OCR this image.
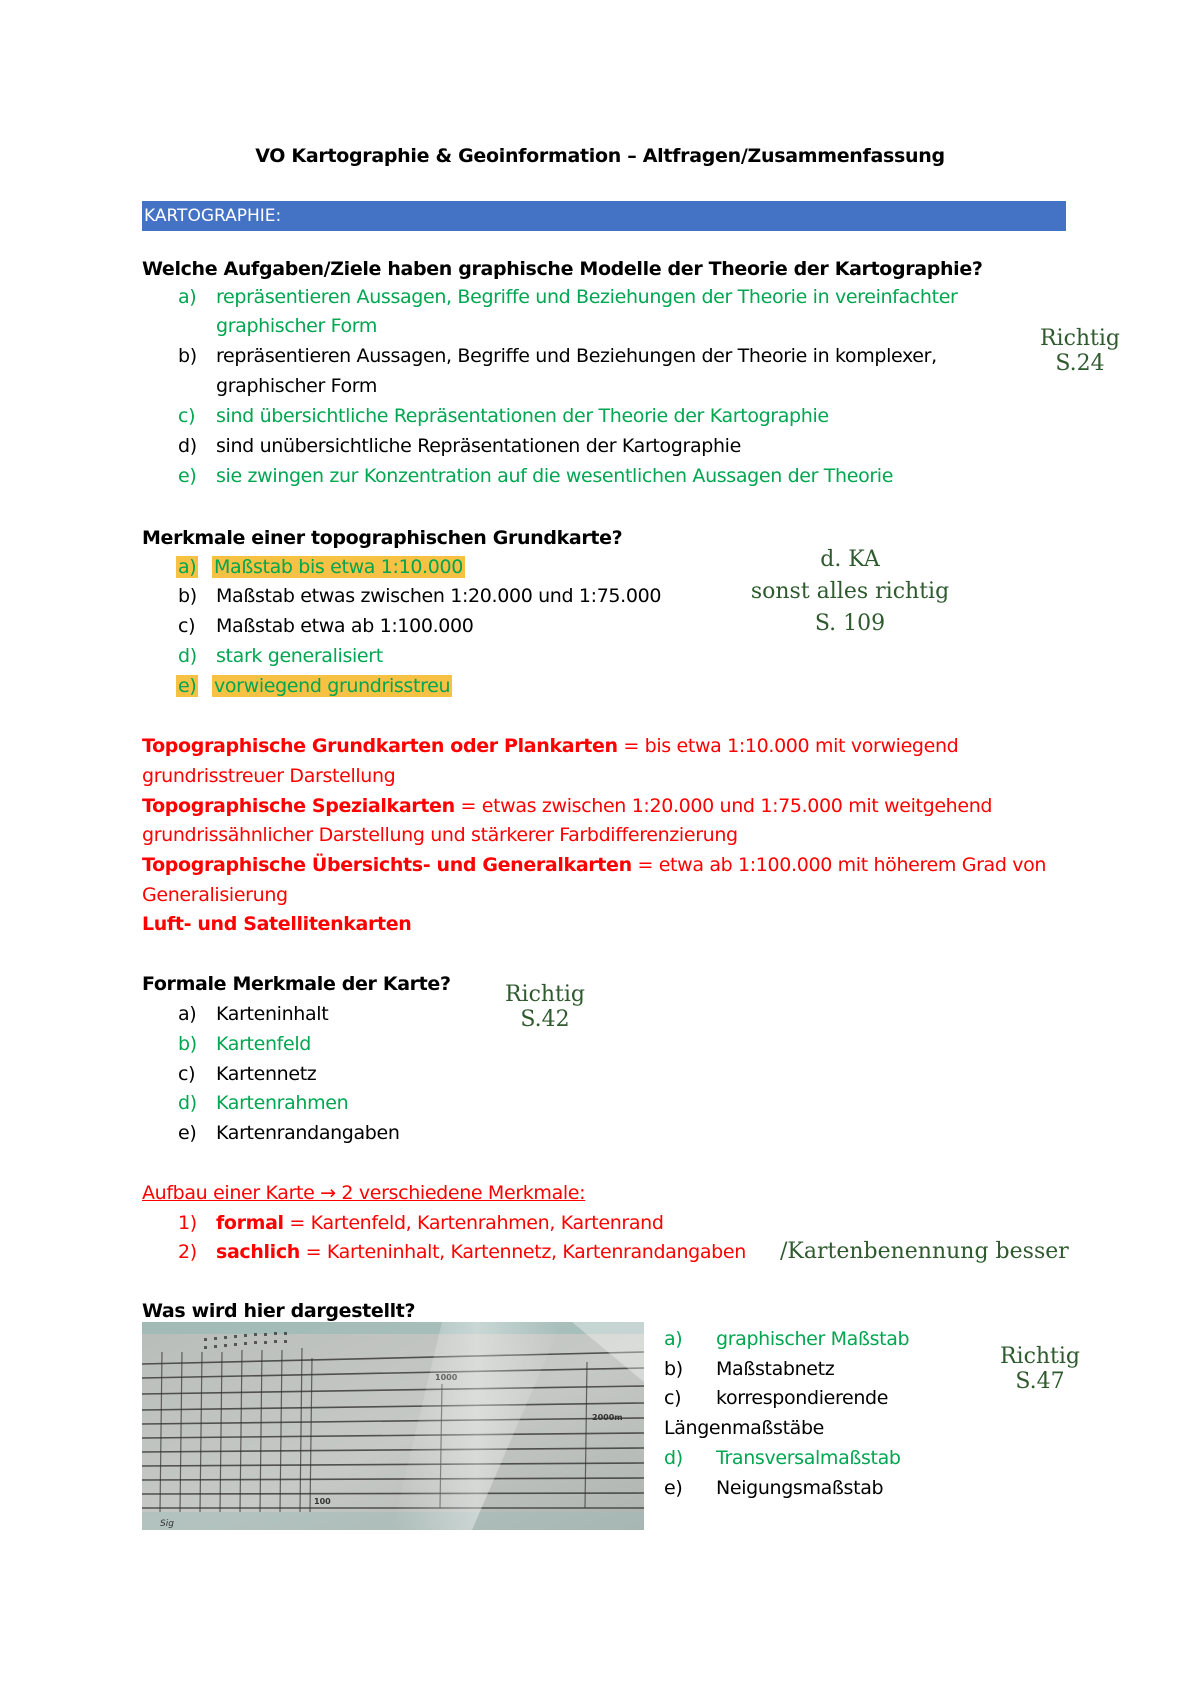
VO Kartographie & Geoinformation – Altfragen/Zusammenfassung
KARTOGRAPHIE:
Welche Aufgaben/Ziele haben graphische Modelle der Theorie der Kartographie?
a) repräsentieren Aussagen, Begriffe und Beziehungen der Theorie in vereinfachter
graphischer Form
b) repräsentieren Aussagen, Begriffe und Beziehungen der Theorie in komplexer,
graphischer Form
c) sind übersichtliche Repräsentationen der Theorie der Kartographie
d) sind unübersichtliche Repräsentationen der Kartographie
e) sie zwingen zur Konzentration auf die wesentlichen Aussagen der Theorie
Richtig
S.24
Merkmale einer topographischen Grundkarte?
a) Maßstab bis etwa 1:10.000
b) Maßstab etwas zwischen 1:20.000 und 1:75.000
c) Maßstab etwa ab 1:100.000
d) stark generalisiert
e) vorwiegend grundrisstreu
d. KA
sonst alles richtig
S. 109
Topographische Grundkarten oder Plankarten = bis etwa 1:10.000 mit vorwiegend
grundrisstreuer Darstellung
Topographische Spezialkarten = etwas zwischen 1:20.000 und 1:75.000 mit weitgehend
grundrissähnlicher Darstellung und stärkerer Farbdifferenzierung
Topographische Übersichts- und Generalkarten = etwa ab 1:100.000 mit höherem Grad von
Generalisierung
Luft- und Satellitenkarten
Formale Merkmale der Karte?
a) Karteninhalt
b) Kartenfeld
c) Kartennetz
d) Kartenrahmen
e) Kartenrandangaben
Richtig
S.42
Aufbau einer Karte → 2 verschiedene Merkmale:
1) formal = Kartenfeld, Kartenrahmen, Kartenrand
2) sachlich = Karteninhalt, Kartennetz, Kartenrandangaben /Kartenbenennung besser
Was wird hier dargestellt?
2000m
100
Sig
a) graphischer Maßstab
b) Maßstabnetz
c) korrespondierende
Längenmaßstäbe
d) Transversalmaßstab
e) Neigungsmaßstab
Richtig
S.47
